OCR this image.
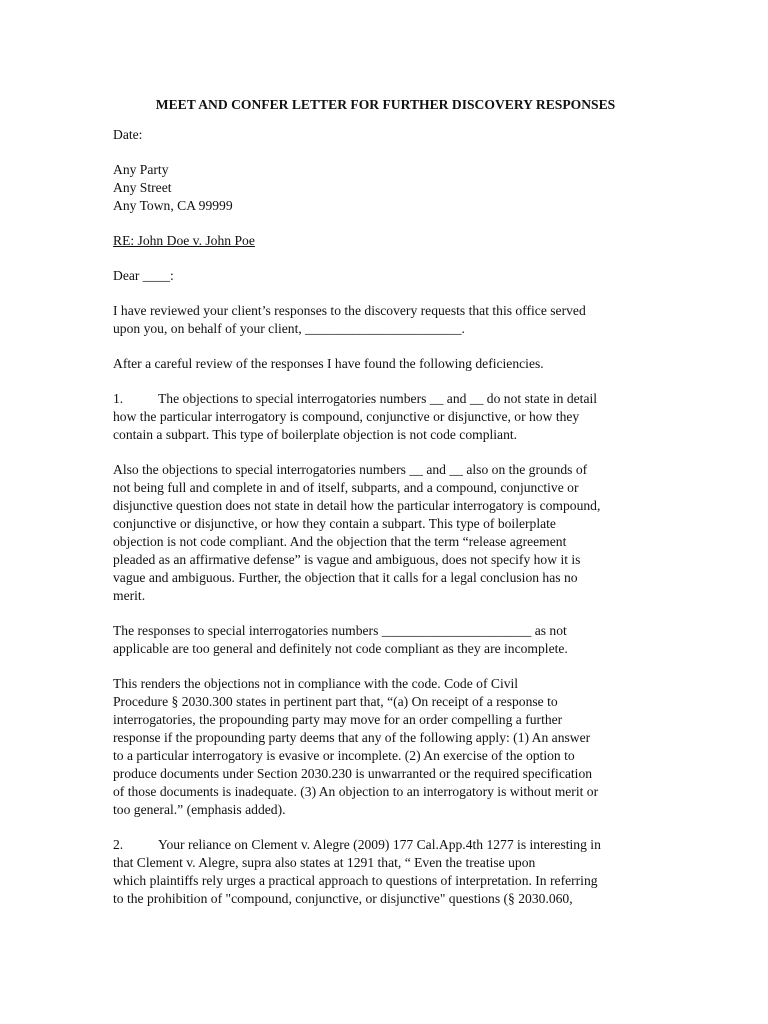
MEET AND CONFER LETTER FOR FURTHER DISCOVERY RESPONSES
Date:
Any Party
Any Street
Any Town, CA 99999
RE: John Doe v. John Poe
Dear ____:
I have reviewed your client’s responses to the discovery requests that this office served
upon you, on behalf of your client, _______________________.
After a careful review of the responses I have found the following deficiencies.
1.	The objections to special interrogatories numbers __ and __ do not state in detail
how the particular interrogatory is compound, conjunctive or disjunctive, or how they
contain a subpart. This type of boilerplate objection is not code compliant.
Also the objections to special interrogatories numbers __ and __ also on the grounds of
not being full and complete in and of itself, subparts, and a compound, conjunctive or
disjunctive question does not state in detail how the particular interrogatory is compound,
conjunctive or disjunctive, or how they contain a subpart. This type of boilerplate
objection is not code compliant. And the objection that the term “release agreement
pleaded as an affirmative defense” is vague and ambiguous, does not specify how it is
vague and ambiguous. Further, the objection that it calls for a legal conclusion has no
merit.
The responses to special interrogatories numbers ______________________ as not
applicable are too general and definitely not code compliant as they are incomplete.
This renders the objections not in compliance with the code. Code of Civil
Procedure § 2030.300 states in pertinent part that, “(a) On receipt of a response to
interrogatories, the propounding party may move for an order compelling a further
response if the propounding party deems that any of the following apply: (1) An answer
to a particular interrogatory is evasive or incomplete. (2) An exercise of the option to
produce documents under Section 2030.230 is unwarranted or the required specification
of those documents is inadequate. (3) An objection to an interrogatory is without merit or
too general.” (emphasis added).
2.	Your reliance on Clement v. Alegre (2009) 177 Cal.App.4th 1277 is interesting in
that Clement v. Alegre, supra also states at 1291 that, “ Even the treatise upon
which plaintiffs rely urges a practical approach to questions of interpretation. In referring
to the prohibition of "compound, conjunctive, or disjunctive" questions (§ 2030.060,
